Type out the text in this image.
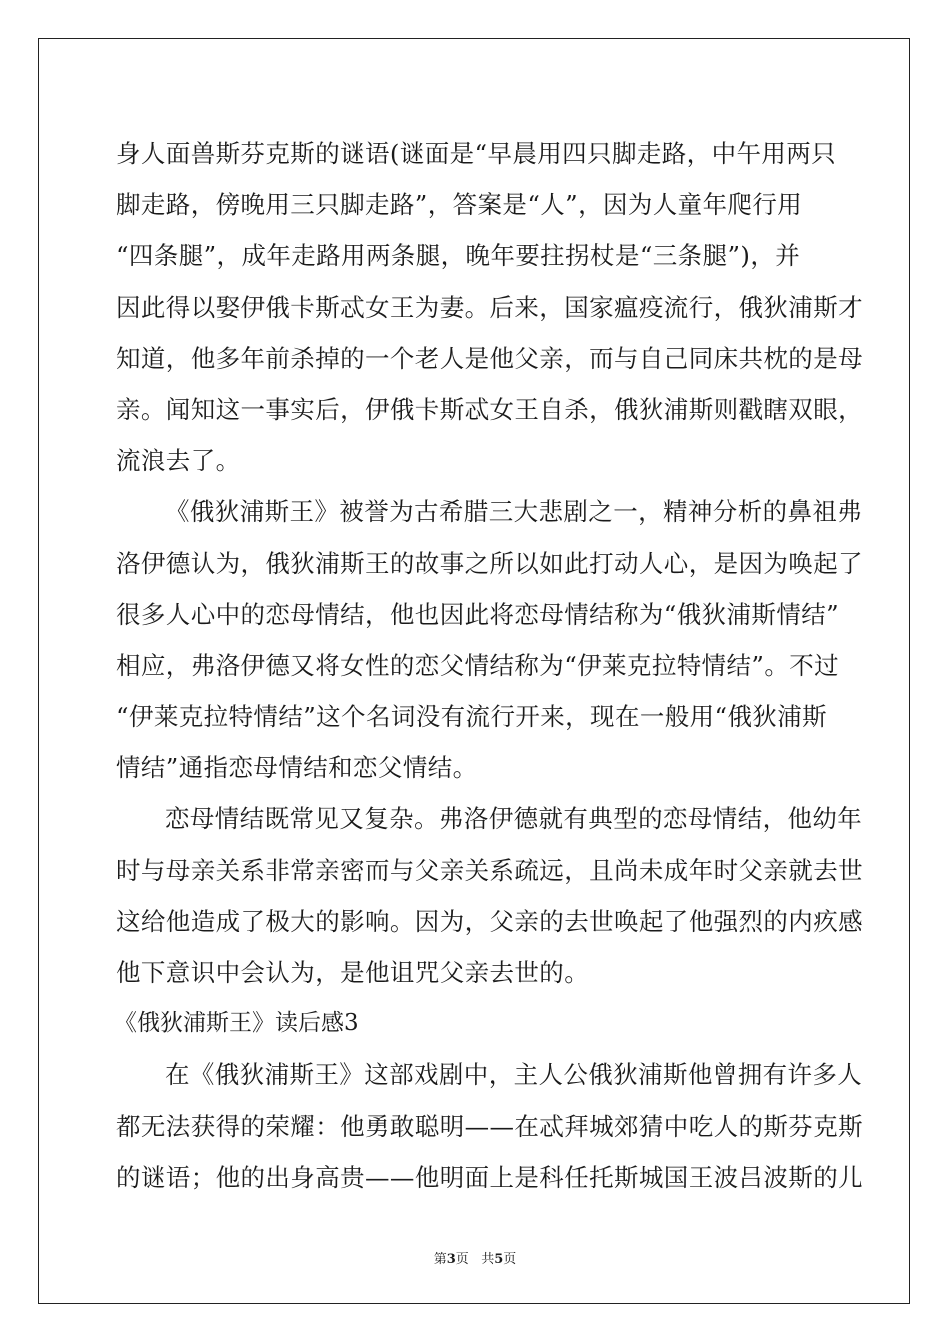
身人面兽斯芬克斯的谜语(谜面是“早晨用四只脚走路，中午用两只
脚走路，傍晚用三只脚走路”，答案是“人”，因为人童年爬行用
“四条腿”，成年走路用两条腿，晚年要拄拐杖是“三条腿”)，并
因此得以娶伊俄卡斯忒女王为妻。后来，国家瘟疫流行，俄狄浦斯才
知道，他多年前杀掉的一个老人是他父亲，而与自己同床共枕的是母
亲。闻知这一事实后，伊俄卡斯忒女王自杀，俄狄浦斯则戳瞎双眼，
流浪去了。
《俄狄浦斯王》被誉为古希腊三大悲剧之一，精神分析的鼻祖弗
洛伊德认为，俄狄浦斯王的故事之所以如此打动人心，是因为唤起了
很多人心中的恋母情结，他也因此将恋母情结称为“俄狄浦斯情结”
相应，弗洛伊德又将女性的恋父情结称为“伊莱克拉特情结”。不过
“伊莱克拉特情结”这个名词没有流行开来，现在一般用“俄狄浦斯
情结”通指恋母情结和恋父情结。
恋母情结既常见又复杂。弗洛伊德就有典型的恋母情结，他幼年
时与母亲关系非常亲密而与父亲关系疏远，且尚未成年时父亲就去世
这给他造成了极大的影响。因为，父亲的去世唤起了他强烈的内疚感
他下意识中会认为，是他诅咒父亲去世的。
《俄狄浦斯王》读后感3
在《俄狄浦斯王》这部戏剧中，主人公俄狄浦斯他曾拥有许多人
都无法获得的荣耀：他勇敢聪明——在忒拜城郊猜中吃人的斯芬克斯
的谜语；他的出身高贵——他明面上是科任托斯城国王波吕波斯的儿
第3页   共5页
